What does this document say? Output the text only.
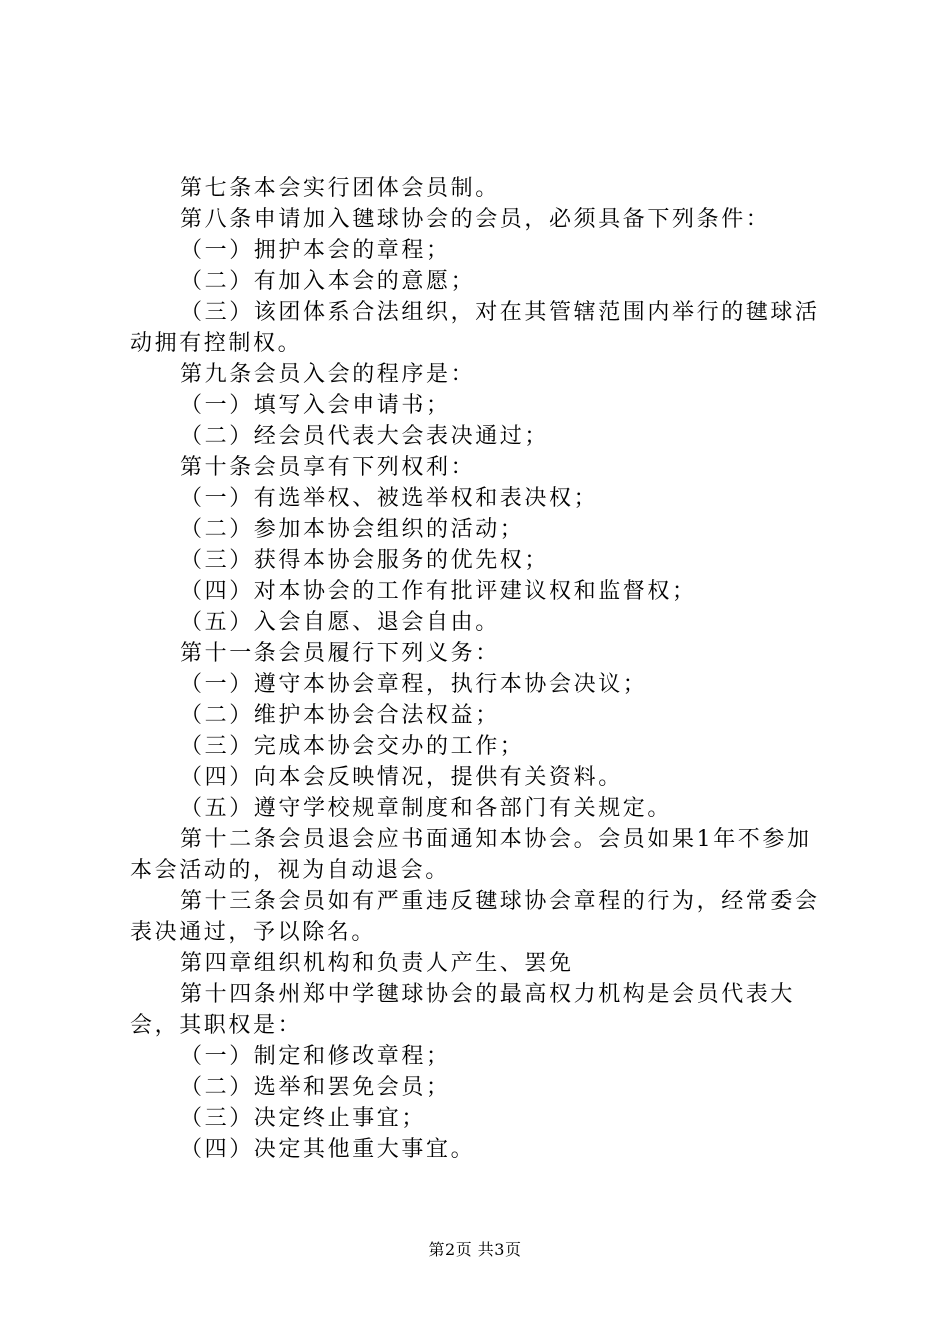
第七条本会实行团体会员制。

第八条申请加入毽球协会的会员，必须具备下列条件：

（一）拥护本会的章程；

（二）有加入本会的意愿；

（三）该团体系合法组织，对在其管辖范围内举行的毽球活动拥有控制权。

第九条会员入会的程序是：

（一）填写入会申请书；

（二）经会员代表大会表决通过；

第十条会员享有下列权利：

（一）有选举权、被选举权和表决权；

（二）参加本协会组织的活动；

（三）获得本协会服务的优先权；

（四）对本协会的工作有批评建议权和监督权；

（五）入会自愿、退会自由。

第十一条会员履行下列义务：

（一）遵守本协会章程，执行本协会决议；

（二）维护本协会合法权益；

（三）完成本协会交办的工作；

（四）向本会反映情况，提供有关资料。

（五）遵守学校规章制度和各部门有关规定。

第十二条会员退会应书面通知本协会。会员如果1年不参加本会活动的，视为自动退会。

第十三条会员如有严重违反毽球协会章程的行为，经常委会表决通过，予以除名。

第四章组织机构和负责人产生、罢免

第十四条州郑中学毽球协会的最高权力机构是会员代表大会，其职权是：

（一）制定和修改章程；

（二）选举和罢免会员；

（三）决定终止事宜；

（四）决定其他重大事宜。

第2页 共3页
